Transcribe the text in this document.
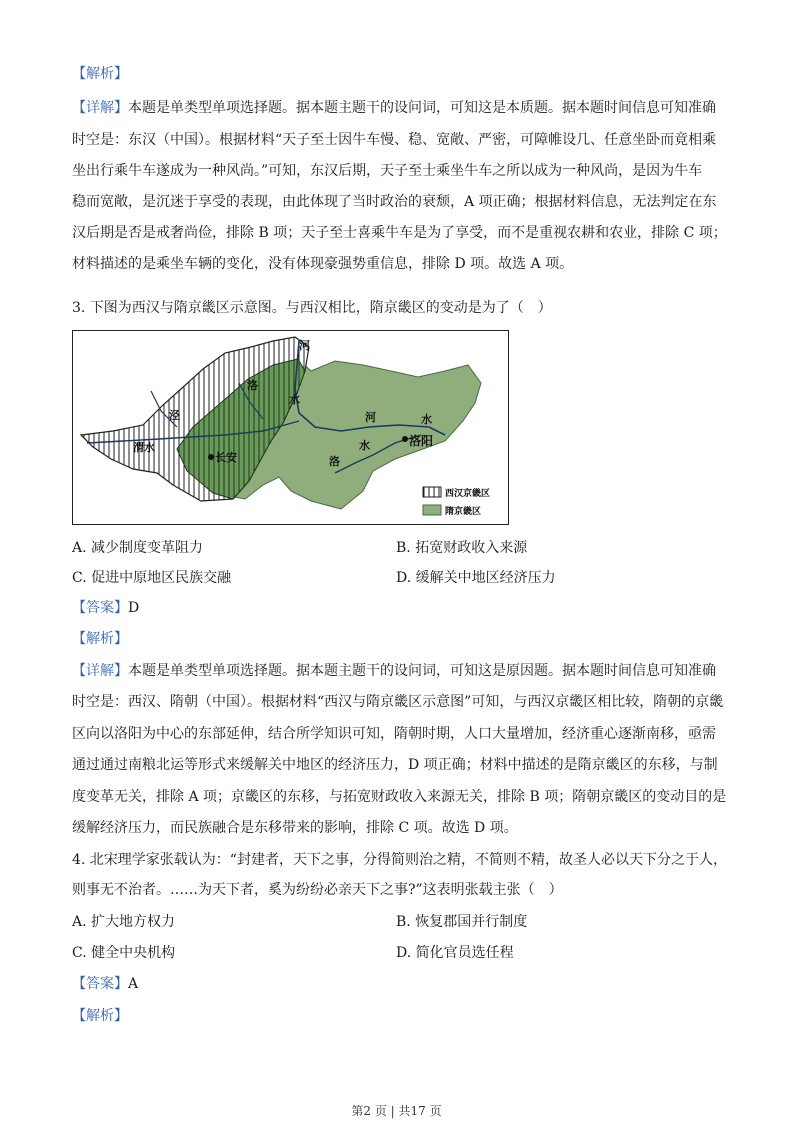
【解析】
【详解】本题是单类型单项选择题。据本题主题干的设问词，可知这是本质题。据本题时间信息可知准确
时空是：东汉（中国）。根据材料“天子至士因牛车慢、稳、宽敞、严密，可障帷设几、任意坐卧而竟相乘
坐出行乘牛车遂成为一种风尚。”可知，东汉后期，天子至士乘坐牛车之所以成为一种风尚，是因为牛车
稳而宽敞，是沉迷于享受的表现，由此体现了当时政治的衰颓，A 项正确；根据材料信息，无法判定在东
汉后期是否是戒奢尚俭，排除 B 项；天子至士喜乘牛车是为了享受，而不是重视农耕和农业，排除 C 项；
材料描述的是乘坐车辆的变化，没有体现豪强势重信息，排除 D 项。故选 A 项。
3. 下图为西汉与隋京畿区示意图。与西汉相比，隋京畿区的变动是为了（　）
河
洛
泾
水
渭水
长安
河	水
洛
水	洛阳
西汉京畿区
隋京畿区
A. 减少制度变革阻力	B. 拓宽财政收入来源
C. 促进中原地区民族交融	D. 缓解关中地区经济压力
【答案】D
【解析】
【详解】本题是单类型单项选择题。据本题主题干的设问词，可知这是原因题。据本题时间信息可知准确
时空是：西汉、隋朝（中国）。根据材料“西汉与隋京畿区示意图”可知，与西汉京畿区相比较，隋朝的京畿
区向以洛阳为中心的东部延伸，结合所学知识可知，隋朝时期，人口大量增加，经济重心逐渐南移，亟需
通过通过南粮北运等形式来缓解关中地区的经济压力，D 项正确；材料中描述的是隋京畿区的东移，与制
度变革无关，排除 A 项；京畿区的东移，与拓宽财政收入来源无关，排除 B 项；隋朝京畿区的变动目的是
缓解经济压力，而民族融合是东移带来的影响，排除 C 项。故选 D 项。
4. 北宋理学家张载认为：“封建者，天下之事，分得简则治之精，不简则不精，故圣人必以天下分之于人，
则事无不治者。……为天下者，奚为纷纷必亲天下之事?”这表明张载主张（　）
A. 扩大地方权力	B. 恢复郡国并行制度
C. 健全中央机构	D. 简化官员选任程
【答案】A
【解析】
第2 页 | 共17 页
